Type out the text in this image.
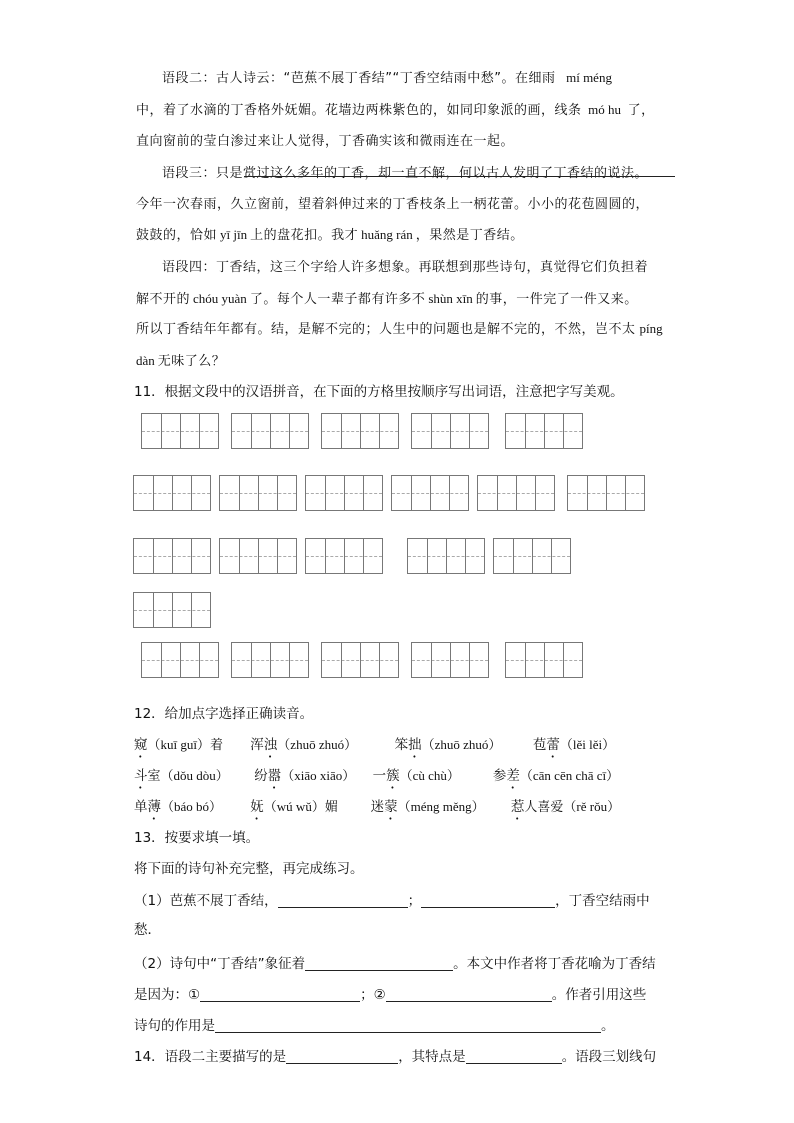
语段二：古人诗云：“芭蕉不展丁香结”“丁香空结雨中愁”。在细雨 mí méng
中，着了水滴的丁香格外妩媚。花墙边两株紫色的，如同印象派的画，线条 mó hu 了，
直向窗前的莹白渗过来让人觉得，丁香确实该和微雨连在一起。
语段三：只是赏过这么多年的丁香，却一直不解，何以古人发明了丁香结的说法。
今年一次春雨，久立窗前，望着斜伸过来的丁香枝条上一柄花蕾。小小的花苞圆圆的，
鼓鼓的，恰如 yī jīn 上的盘花扣。我才 huǎng rán ，果然是丁香结。
语段四：丁香结，这三个字给人许多想象。再联想到那些诗句，真觉得它们负担着
解不开的 chóu yuàn 了。每个人一辈子都有许多不 shùn xīn 的事，一件完了一件又来。
所以丁香结年年都有。结，是解不完的；人生中的问题也是解不完的，不然，岂不太 píng
dàn 无味了么？
11．根据文段中的汉语拼音，在下面的方格里按顺序写出词语，注意把字写美观。
12．给加点字选择正确读音。
窥（kuī guī）着 浑浊（zhuō zhuó）	笨拙（zhuō zhuó） 苞蕾（lěi lěi）
斗室（dǒu dòu） 纷嚣（xiāo xiāo） 一簇（cù chù） 参差（cān cēn chā cī）
单薄（báo bó） 妩（wú wǔ）媚 迷蒙（méng měng） 惹人喜爱（rě rǒu）
13．按要求填一填。
将下面的诗句补充完整，再完成练习。
（1）芭蕉不展丁香结，	；	，丁香空结雨中
愁．
（2）诗句中“丁香结”象征着	。本文中作者将丁香花喻为丁香结
是因为：①	；②	。作者引用这些
诗句的作用是	。
14．语段二主要描写的是	，其特点是	。语段三划线句
